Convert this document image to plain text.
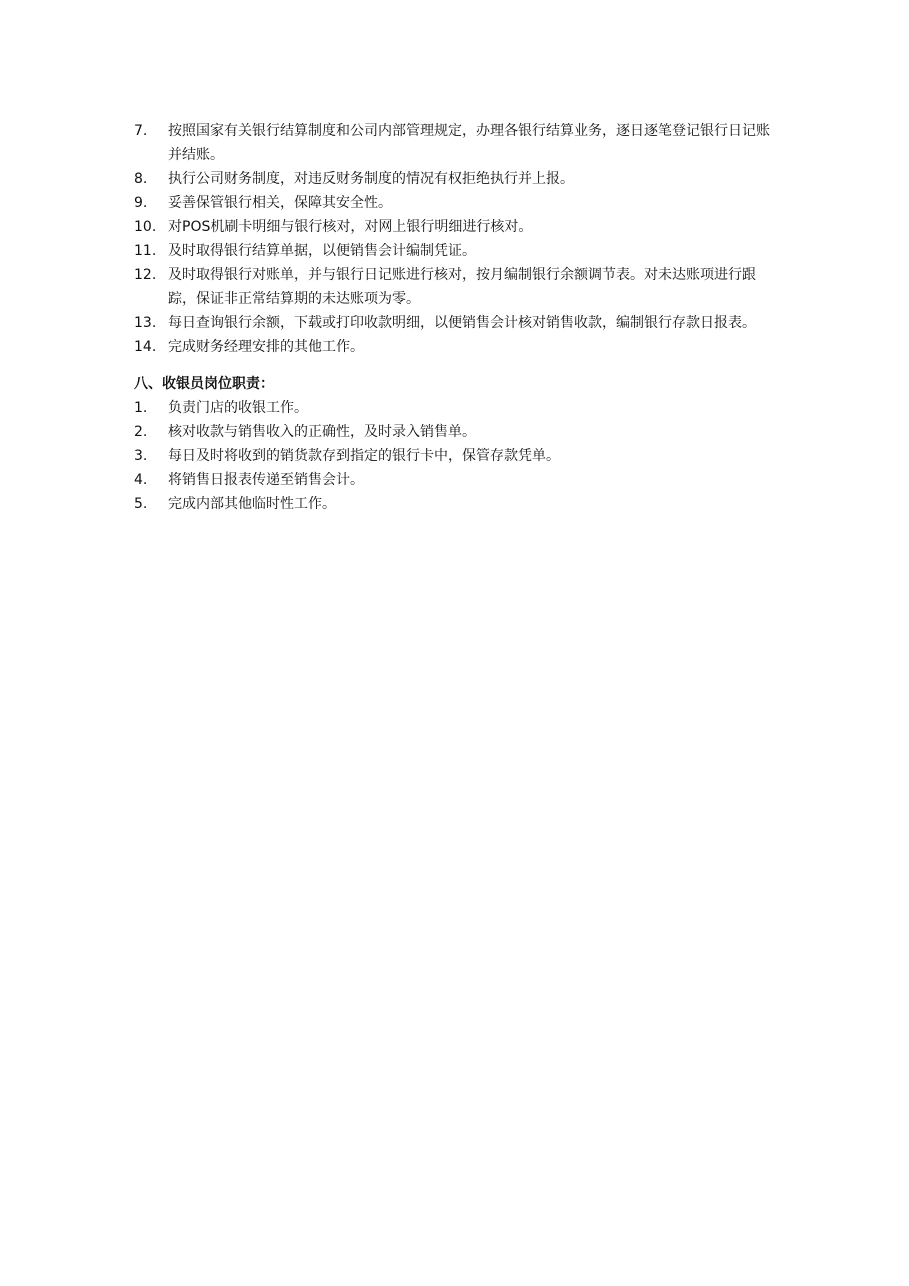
7.	按照国家有关银行结算制度和公司内部管理规定，办理各银行结算业务，逐日逐笔登记银行日记账并结账。
8.	执行公司财务制度，对违反财务制度的情况有权拒绝执行并上报。
9.	妥善保管银行相关，保障其安全性。
10. 对POS机刷卡明细与银行核对，对网上银行明细进行核对。
11. 及时取得银行结算单据，以便销售会计编制凭证。
12. 及时取得银行对账单，并与银行日记账进行核对，按月编制银行余额调节表。对未达账项进行跟踪，保证非正常结算期的未达账项为零。
13. 每日查询银行余额，下载或打印收款明细，以便销售会计核对销售收款，编制银行存款日报表。
14. 完成财务经理安排的其他工作。
八、收银员岗位职责：
1.	负责门店的收银工作。
2.	核对收款与销售收入的正确性，及时录入销售单。
3.	每日及时将收到的销货款存到指定的银行卡中，保管存款凭单。
4.	将销售日报表传递至销售会计。
5.	完成内部其他临时性工作。
